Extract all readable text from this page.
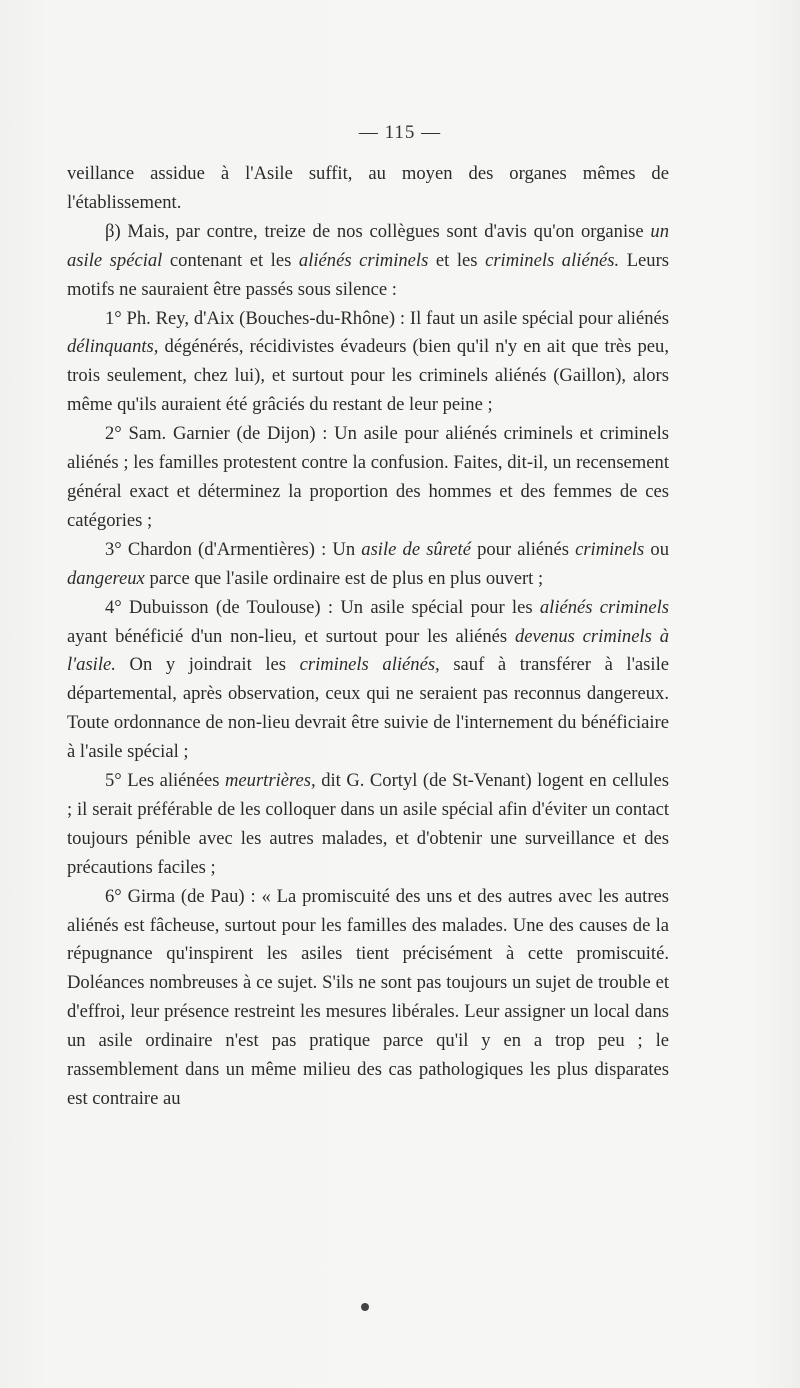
— 115 —

veillance assidue à l'Asile suffit, au moyen des organes mêmes de l'établissement.

β) Mais, par contre, treize de nos collègues sont d'avis qu'on organise un asile spécial contenant et les aliénés criminels et les criminels aliénés. Leurs motifs ne sauraient être passés sous silence :

1° Ph. Rey, d'Aix (Bouches-du-Rhône) : Il faut un asile spécial pour aliénés délinquants, dégénérés, récidivistes évadeurs (bien qu'il n'y en ait que très peu, trois seulement, chez lui), et surtout pour les criminels aliénés (Gaillon), alors même qu'ils auraient été grâciés du restant de leur peine ;

2° Sam. Garnier (de Dijon) : Un asile pour aliénés criminels et criminels aliénés ; les familles protestent contre la confusion. Faites, dit-il, un recensement général exact et déterminez la proportion des hommes et des femmes de ces catégories ;

3° Chardon (d'Armentières) : Un asile de sûreté pour aliénés criminels ou dangereux parce que l'asile ordinaire est de plus en plus ouvert ;

4° Dubuisson (de Toulouse) : Un asile spécial pour les aliénés criminels ayant bénéficié d'un non-lieu, et surtout pour les aliénés devenus criminels à l'asile. On y joindrait les criminels aliénés, sauf à transférer à l'asile départemental, après observation, ceux qui ne seraient pas reconnus dangereux. Toute ordonnance de non-lieu devrait être suivie de l'internement du bénéficiaire à l'asile spécial ;

5° Les aliénées meurtrières, dit G. Cortyl (de St-Venant) logent en cellules ; il serait préférable de les colloquer dans un asile spécial afin d'éviter un contact toujours pénible avec les autres malades, et d'obtenir une surveillance et des précautions faciles ;

6° Girma (de Pau) : « La promiscuité des uns et des autres avec les autres aliénés est fâcheuse, surtout pour les familles des malades. Une des causes de la répugnance qu'inspirent les asiles tient précisément à cette promiscuité. Doléances nombreuses à ce sujet. S'ils ne sont pas toujours un sujet de trouble et d'effroi, leur présence restreint les mesures libérales. Leur assigner un local dans un asile ordinaire n'est pas pratique parce qu'il y en a trop peu ; le rassemblement dans un même milieu des cas pathologiques les plus disparates est contraire au
